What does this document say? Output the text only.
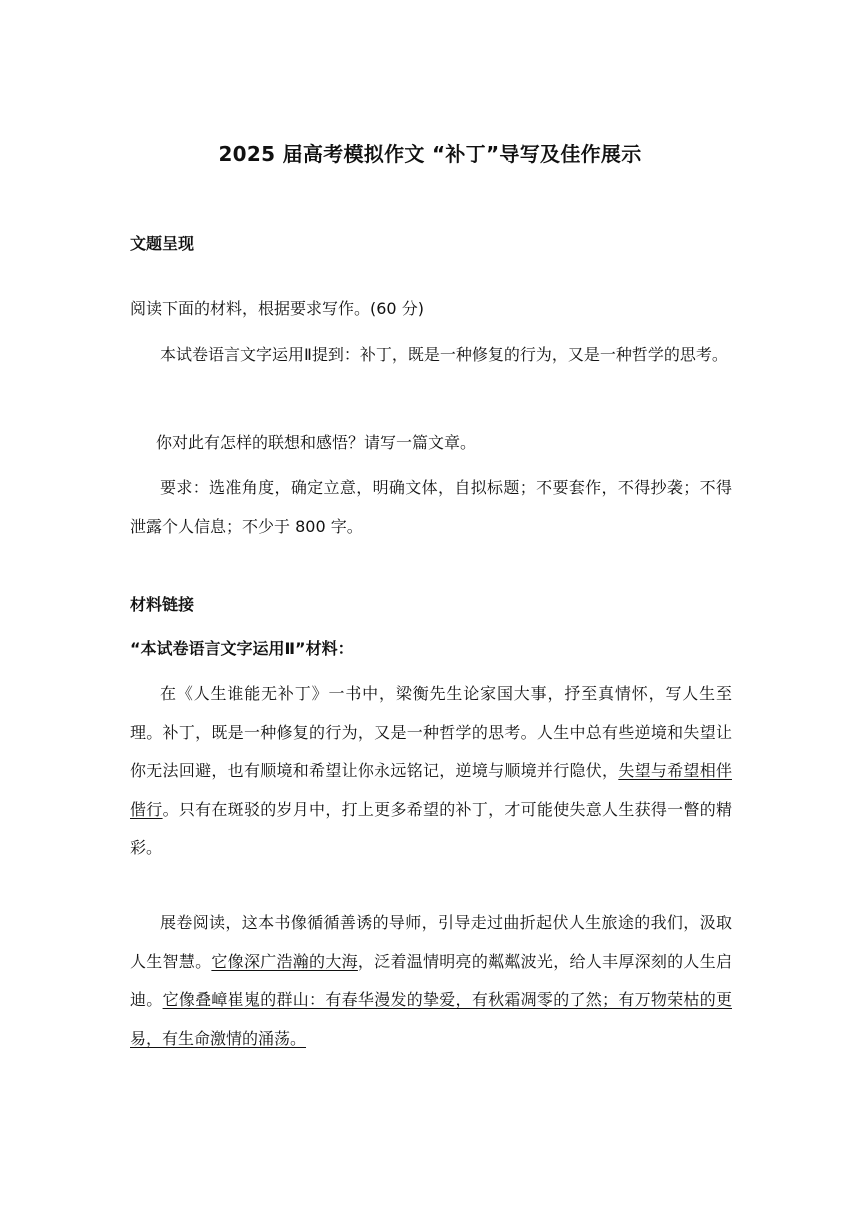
2025 届高考模拟作文 “补丁”导写及佳作展示
文题呈现

阅读下面的材料，根据要求写作。(60 分)

本试卷语言文字运用Ⅱ提到：补丁，既是一种修复的行为，又是一种哲学的思考。

你对此有怎样的联想和感悟？请写一篇文章。

要求：选准角度，确定立意，明确文体，自拟标题；不要套作，不得抄袭；不得泄露个人信息；不少于 800 字。

材料链接
“本试卷语言文字运用Ⅱ”材料：

在《人生谁能无补丁》一书中，梁衡先生论家国大事，抒至真情怀，写人生至理。补丁，既是一种修复的行为，又是一种哲学的思考。人生中总有些逆境和失望让你无法回避，也有顺境和希望让你永远铭记，逆境与顺境并行隐伏，失望与希望相伴偕行。只有在斑驳的岁月中，打上更多希望的补丁，才可能使失意人生获得一瞥的精彩。

展卷阅读，这本书像循循善诱的导师，引导走过曲折起伏人生旅途的我们，汲取人生智慧。它像深广浩瀚的大海，泛着温情明亮的粼粼波光，给人丰厚深刻的人生启迪。它像叠嶂崔嵬的群山：有春华漫发的挚爱，有秋霜凋零的了然；有万物荣枯的更易，有生命激情的涌荡。
